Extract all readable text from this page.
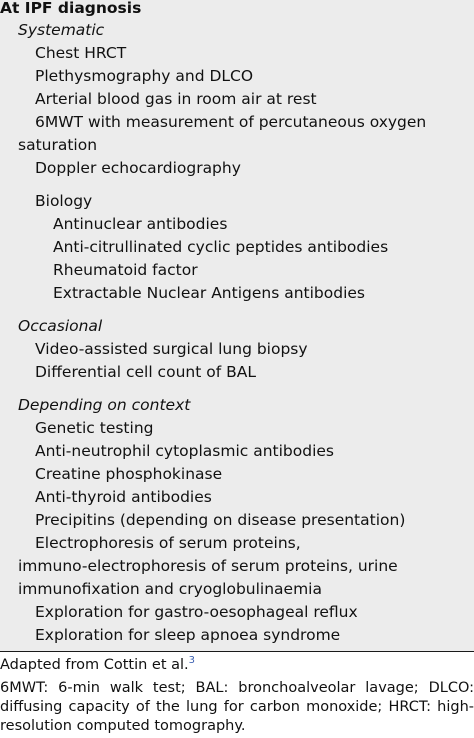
At IPF diagnosis
Systematic
Chest HRCT
Plethysmography and DLCO
Arterial blood gas in room air at rest
6MWT with measurement of percutaneous oxygen
saturation
Doppler echocardiography
Biology
Antinuclear antibodies
Anti-citrullinated cyclic peptides antibodies
Rheumatoid factor
Extractable Nuclear Antigens antibodies
Occasional
Video-assisted surgical lung biopsy
Differential cell count of BAL
Depending on context
Genetic testing
Anti-neutrophil cytoplasmic antibodies
Creatine phosphokinase
Anti-thyroid antibodies
Precipitins (depending on disease presentation)
Electrophoresis of serum proteins,
immuno-electrophoresis of serum proteins, urine
immunofixation and cryoglobulinaemia
Exploration for gastro-oesophageal reflux
Exploration for sleep apnoea syndrome
Adapted from Cottin et al.$^3$
6MWT: 6-min walk test; BAL: bronchoalveolar lavage; DLCO:
diffusing capacity of the lung for carbon monoxide; HRCT: high-
resolution computed tomography.
